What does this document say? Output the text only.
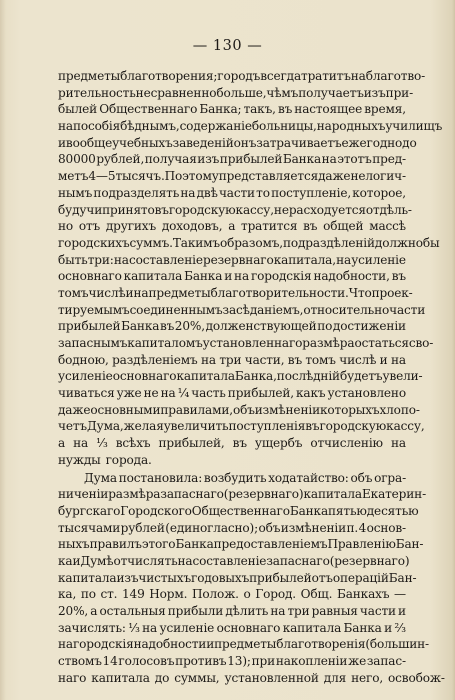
— 130 —
предметы благотворения; городъ всегда тратитъ на благотво-
рительность несравненно больше, чѣмъ получаетъ изъ при-
былей Общественнаго Банка; такъ, въ настоящее время,
на пособія бѣднымъ, содержаніе больницы, народныхъ училищъ
и вообще учебныхъ заведеній онъ затрачиваетъ ежегодно до
80000 рублей, получая изъ прибылей Банка на этотъ пред-
метъ 4—5 тысячъ. Поэтому представляется даже не логич-
нымъ подразделять на двѣ части то поступленіе, которое,
будучи принято въ городскую кассу, не расходуется отдѣль-
но отъ другихъ доходовъ, а тратится въ общей массѣ
городскихъ суммъ. Такимъ образомъ, подраздѣленій должно бы
быть три: на составленіе резервнаго капитала, на усиленіе
основнаго капитала Банка и на городскія надобности, въ
томъ числѣ и на предметы благотворительности. Что проек-
тируемымъ соединеннымъ засѣданіемъ, относительно части
прибылей Банка въ 20%, долженствующей по достиженіи
запаснымъ капиталомъ установленнаго размѣра остаться сво-
бодною, раздѣленіемъ на три части, въ томъ числѣ и на
усиленіе основнаго капитала Банка, послѣдній будетъ увели-
чиваться уже не на ¼ часть прибылей, какъ установлено
даже основными правилами, объ измѣненіи которыхъ хлопо-
четъ Дума, желая увеличить поступленія въ городскую кассу,
а на ⅓ всѣхъ прибылей, въ ущербъ отчисленію на
нужды города.
Дума постановила: возбудить ходатайство: объ огра-
ниченіи размѣра запаснаго (резервнаго) капитала Екатерин-
бургскаго Городского Общественнаго Банка пятьюдесятью
тысячами рублей (единогласно); объ измѣненіи п. 4 основ-
ныхъ правилъ этого Банка предоставленіемъ Правленію Бан-
ка и Думѣ отчислять на составленіе запаснаго (резервнаго)
капитала изъ чистыхъ годовыхъ прибылей отъ операцій Бан-
ка, по ст. 149 Норм. Полож. о Город. Общ. Банкахъ —
20%, а остальныя прибыли дѣлить на три равныя части и
зачислять: ⅓ на усиленіе основнаго капитала Банка и ⅔
на городскія надобности и предметы благотворенія (большин-
ствомъ 14 голосовъ противъ 13); при накопленіи же запас-
наго капитала до суммы, установленной для него, освобож-
